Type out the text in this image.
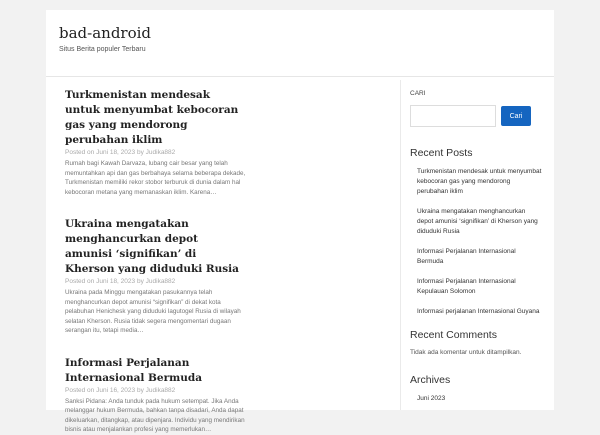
bad-android
Situs Berita populer Terbaru
Turkmenistan mendesak untuk menyumbat kebocoran gas yang mendorong perubahan iklim
Posted on Juni 18, 2023 by Judika882
Rumah bagi Kawah Darvaza, lubang cair besar yang telah memuntahkan api dan gas berbahaya selama beberapa dekade, Turkmenistan memiliki rekor stobor terburuk di dunia dalam hal kebocoran metana yang memanaskan iklim. Karena…
Ukraina mengatakan menghancurkan depot amunisi ‘signifikan’ di Kherson yang diduduki Rusia
Posted on Juni 18, 2023 by Judika882
Ukraina pada Minggu mengatakan pasukannya telah menghancurkan depot amunisi “signifikan” di dekat kota pelabuhan Henichesk yang diduduki lagutogel Rusia di wilayah selatan Kherson. Rusia tidak segera mengomentari dugaan serangan itu, tetapi media…
Informasi Perjalanan Internasional Bermuda
Posted on Juni 16, 2023 by Judika882
Sanksi Pidana: Anda tunduk pada hukum setempat. Jika Anda melanggar hukum Bermuda, bahkan tanpa disadari, Anda dapat dikeluarkan, ditangkap, atau dipenjara. Individu yang mendirikan bisnis atau menjalankan profesi yang memerlukan…
CARI
Cari
Recent Posts
Turkmenistan mendesak untuk menyumbat kebocoran gas yang mendorong perubahan iklim
Ukraina mengatakan menghancurkan depot amunisi ‘signifikan’ di Kherson yang diduduki Rusia
Informasi Perjalanan Internasional Bermuda
Informasi Perjalanan Internasional Kepulauan Solomon
Informasi perjalanan Internasional Guyana
Recent Comments
Tidak ada komentar untuk ditampilkan.
Archives
Juni 2023
